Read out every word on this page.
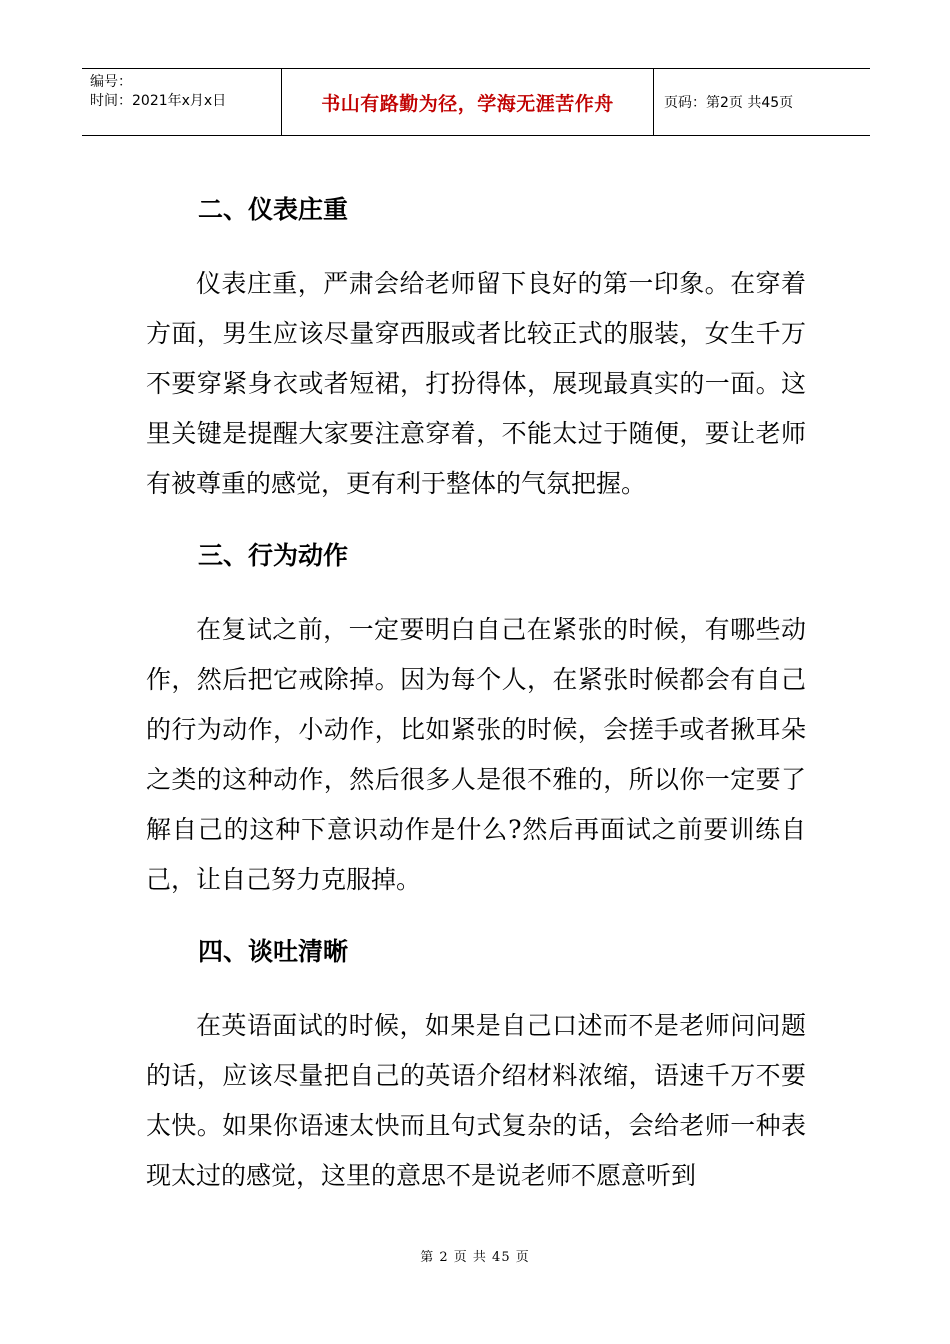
编号：
时间：2021年x月x日	书山有路勤为径，学海无涯苦作舟	页码：第2页 共45页
二、仪表庄重

仪表庄重，严肃会给老师留下良好的第一印象。在穿着方面，男生应该尽量穿西服或者比较正式的服装，女生千万不要穿紧身衣或者短裙，打扮得体，展现最真实的一面。这里关键是提醒大家要注意穿着，不能太过于随便，要让老师有被尊重的感觉，更有利于整体的气氛把握。

三、行为动作

在复试之前，一定要明白自己在紧张的时候，有哪些动作，然后把它戒除掉。因为每个人，在紧张时候都会有自己的行为动作，小动作，比如紧张的时候，会搓手或者揪耳朵之类的这种动作，然后很多人是很不雅的，所以你一定要了解自己的这种下意识动作是什么?然后再面试之前要训练自己，让自己努力克服掉。

四、谈吐清晰

在英语面试的时候，如果是自己口述而不是老师问问题的话，应该尽量把自己的英语介绍材料浓缩，语速千万不要太快。如果你语速太快而且句式复杂的话，会给老师一种表现太过的感觉，这里的意思不是说老师不愿意听到

第 2 页 共 45 页
